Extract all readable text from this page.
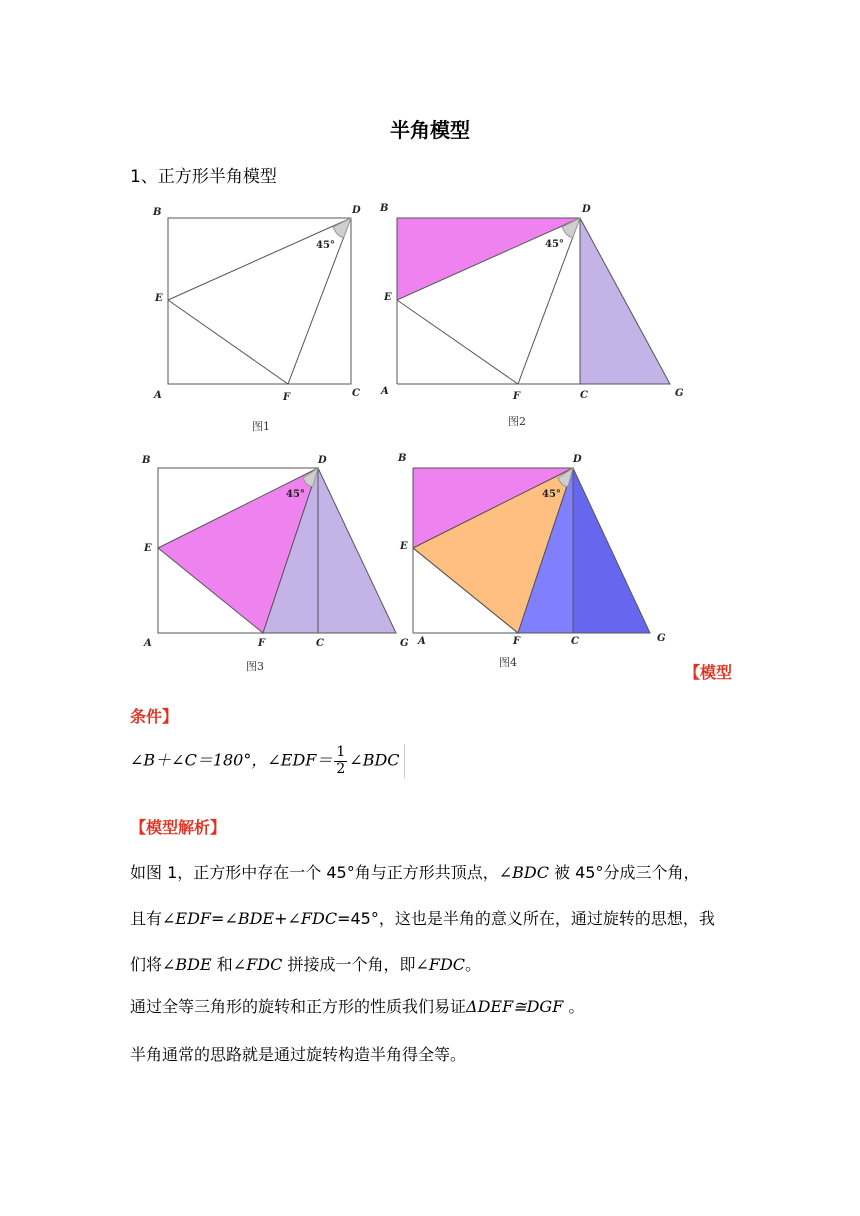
半角模型
1、正方形半角模型
45°
B	D
E
A	F	C
图1
45°
B	D
E
A	F	C	G
图2
45°
B	D
E
A	F	C	G
图3
45°
B	D
E
A	F	C	G
图4
【模型
条件】
∠B＋∠C＝180°，∠EDF＝ $\frac{1}{2}$ ∠BDC
【模型解析】
如图 1，正方形中存在一个 45°角与正方形共顶点，∠BDC 被 45°分成三个角，
且有∠EDF=∠BDE+∠FDC=45°，这也是半角的意义所在，通过旋转的思想，我
们将∠BDE 和∠FDC 拼接成一个角，即∠FDC。
通过全等三角形的旋转和正方形的性质我们易证ΔDEF≅DGF 。
半角通常的思路就是通过旋转构造半角得全等。
